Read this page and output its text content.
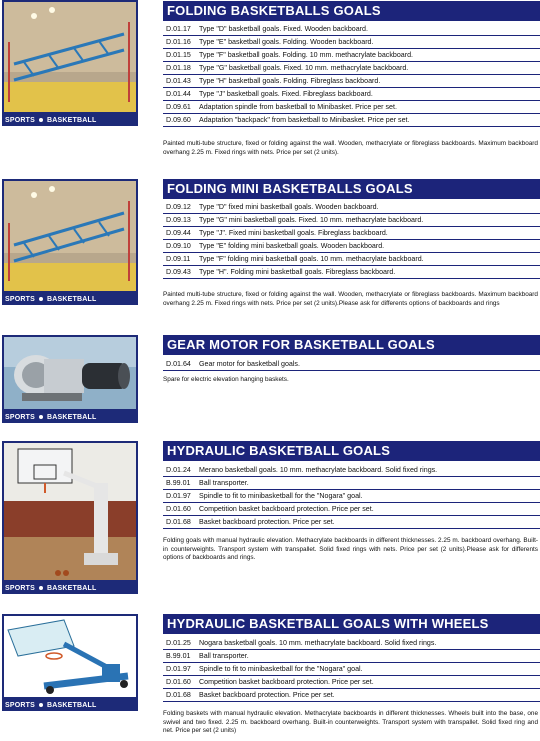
SPORTS BASKETBALL
FOLDING BASKETBALLS GOALS
D.01.17 Type "D" basketball goals. Fixed. Wooden backboard.
D.01.16 Type "E" basketball goals. Folding. Wooden backboard.
D.01.15 Type "F" basketball goals. Folding. 10 mm. methacrylate backboard.
D.01.18 Type "G" basketball goals. Fixed. 10 mm. methacrylate backboard.
D.01.43 Type "H" basketball goals. Folding. Fibreglass backboard.
D.01.44 Type "J" basketball goals. Fixed. Fibreglass backboard.
D.09.61 Adaptation spindle from basketball to Minibasket. Price per set.
D.09.60 Adaptation "backpack" from basketball to Minibasket. Price per set.
Painted multi-tube structure, fixed or folding against the wall. Wooden, methacrylate or fibreglass backboards. Maximum backboard overhang 2.25 m. Fixed rings with nets. Price per set (2 units).
SPORTS BASKETBALL
FOLDING MINI BASKETBALLS GOALS
D.09.12 Type "D" fixed mini basketball goals. Wooden backboard.
D.09.13 Type "G" mini basketball goals. Fixed. 10 mm. methacrylate backboard.
D.09.44 Type "J". Fixed mini basketball goals. Fibreglass backboard.
D.09.10 Type "E" folding mini basketball goals. Wooden backboard.
D.09.11 Type "F" folding mini basketball goals. 10 mm. methacrylate backboard.
D.09.43 Type "H". Folding mini basketball goals. Fibreglass backboard.
Painted multi-tube structure, fixed or folding against the wall. Wooden, methacrylate or fibreglass backboards. Maximum backboard overhang 2.25 m. Fixed rings with nets. Price per set (2 units).Please ask for differents options of backboards and rings
SPORTS BASKETBALL
GEAR MOTOR FOR BASKETBALL GOALS
D.01.64 Gear motor for basketball goals.
Spare for electric elevation hanging baskets.
SPORTS BASKETBALL
HYDRAULIC BASKETBALL GOALS
D.01.24 Merano basketball goals. 10 mm. methacrylate backboard. Solid fixed rings.
B.99.01 Ball transporter.
D.01.97 Spindle to fit to minibasketball for the "Nogara" goal.
D.01.60 Competition basket backboard protection. Price per set.
D.01.68 Basket backboard protection. Price per set.
Folding goals with manual hydraulic elevation. Methacrylate backboards in different thicknesses. 2.25 m. backboard overhang. Built-in counterweights. Transport system with transpallet. Solid fixed rings with nets. Price per set (2 units).Please ask for differents options of backboards and rings.
SPORTS BASKETBALL
HYDRAULIC BASKETBALL GOALS WITH WHEELS
D.01.25 Nogara basketball goals. 10 mm. methacrylate backboard. Solid fixed rings.
B.99.01 Ball transporter.
D.01.97 Spindle to fit to minibasketball for the "Nogara" goal.
D.01.60 Competition basket backboard protection. Price per set.
D.01.68 Basket backboard protection. Price per set.
Folding baskets with manual hydraulic elevation. Methacrylate backboards in different thicknesses. Wheels built into the base, one swivel and two fixed. 2.25 m. backboard overhang. Built-in counterweights. Transport system with transpallet. Solid fixed ring and net. Price per set (2 units)
